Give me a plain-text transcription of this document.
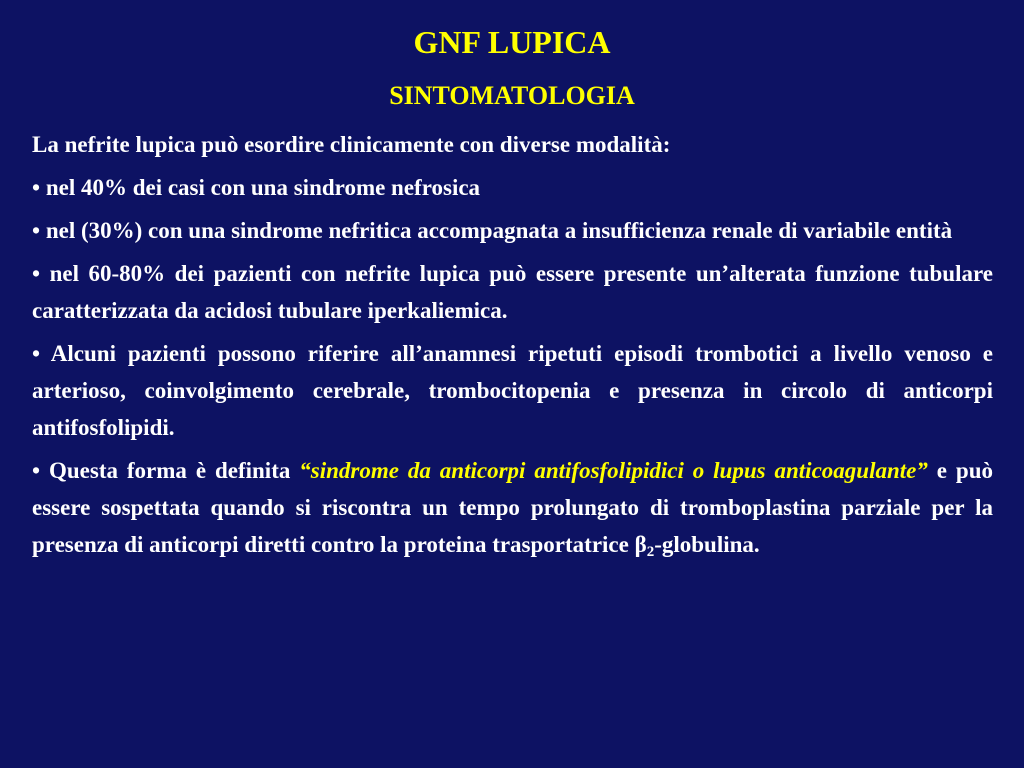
GNF LUPICA
SINTOMATOLOGIA

La nefrite lupica può esordire clinicamente con diverse modalità:

• nel 40% dei casi con una sindrome nefrosica

• nel (30%) con una sindrome nefritica accompagnata a insufficienza renale di variabile entità

• nel 60-80% dei pazienti con nefrite lupica può essere presente un’alterata funzione tubulare caratterizzata da acidosi tubulare iperkaliemica.

• Alcuni pazienti possono riferire all’anamnesi ripetuti episodi trombotici a livello venoso e arterioso, coinvolgimento cerebrale, trombocitopenia e presenza in circolo di anticorpi antifosfolipidi.

• Questa forma è definita “sindrome da anticorpi antifosfolipidici o lupus anticoagulante” e può essere sospettata quando si riscontra un tempo prolungato di tromboplastina parziale per la presenza di anticorpi diretti contro la proteina trasportatrice $\beta_2$-globulina.
